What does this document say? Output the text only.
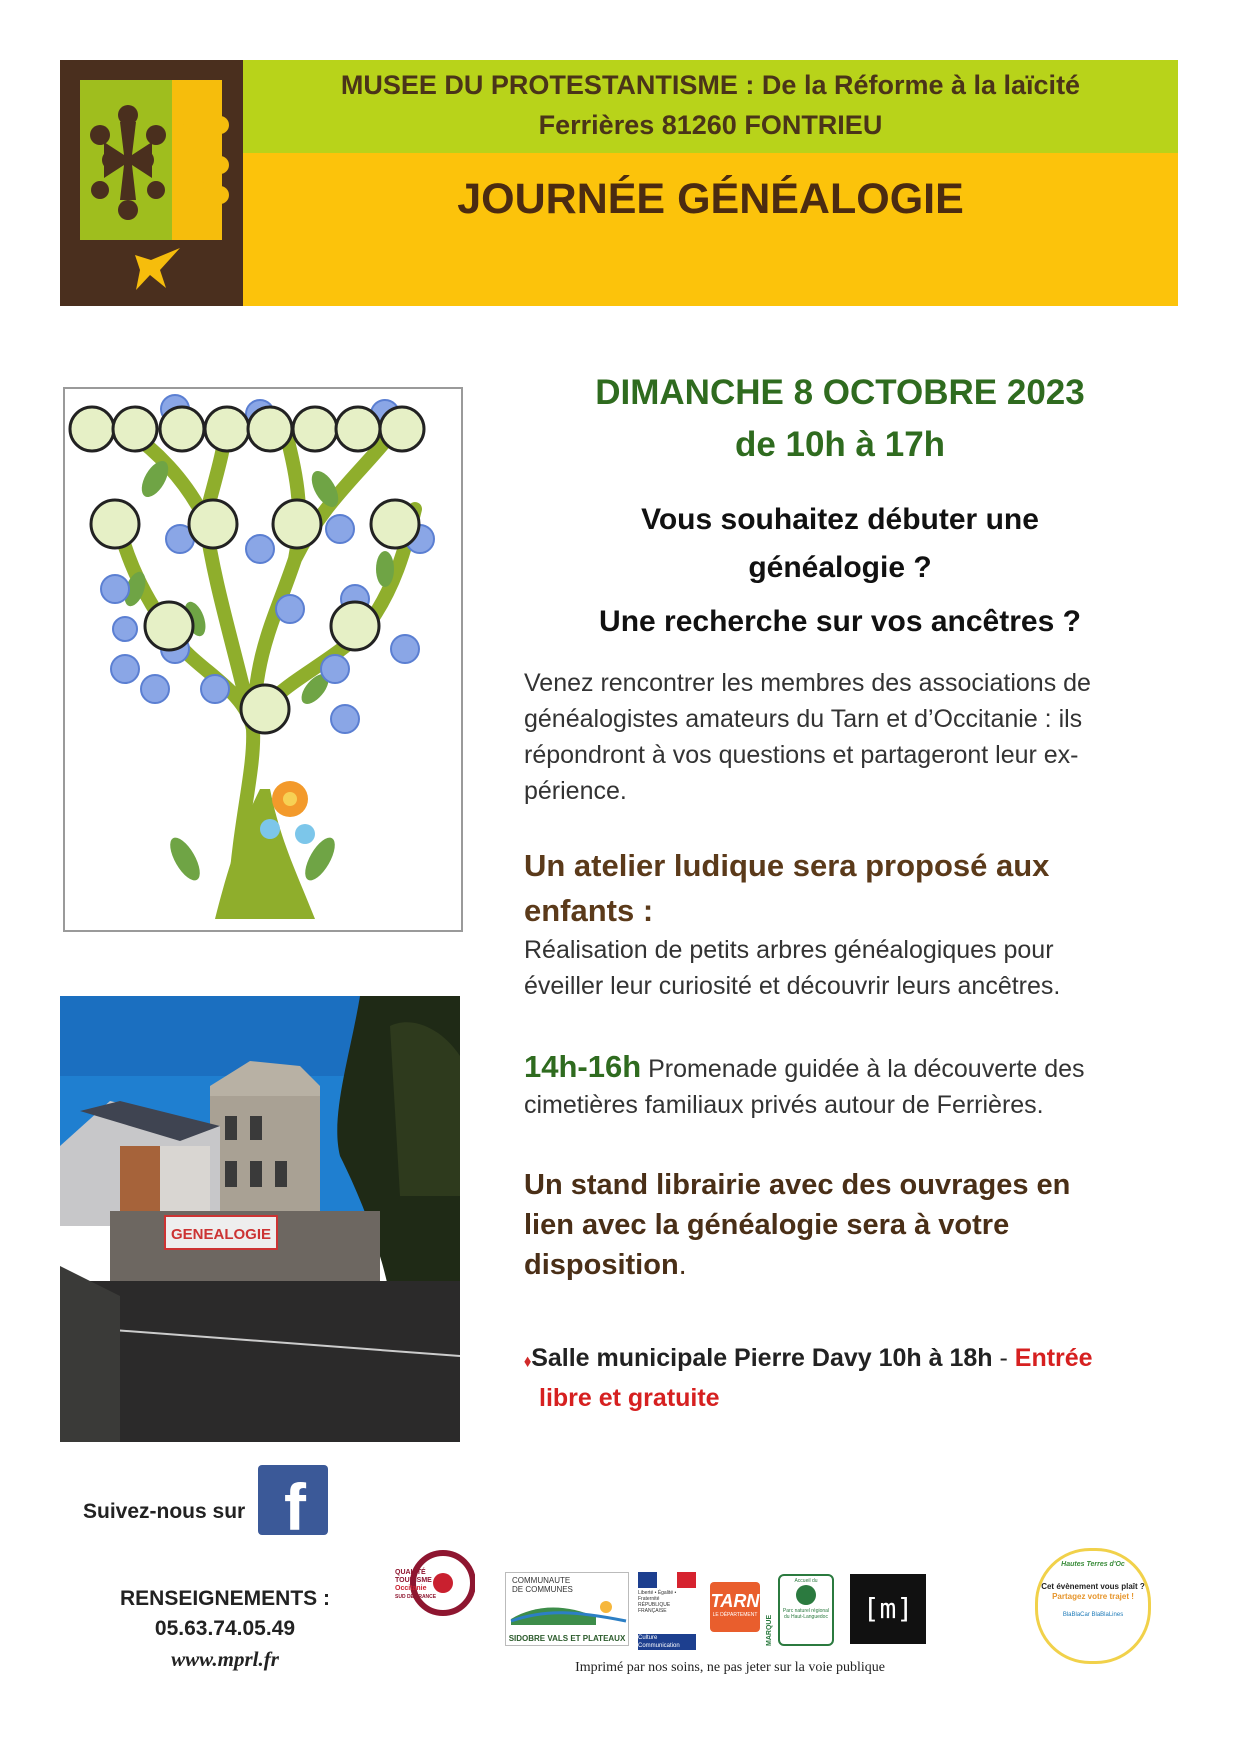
MUSEE DU PROTESTANTISME : De la Réforme à la laïcité
Ferrières 81260 FONTRIEU
JOURNÉE GÉNÉALOGIE
GENEALOGIE
DIMANCHE 8 OCTOBRE 2023
de 10h à 17h
Vous souhaitez débuter une
généalogie ?
Une recherche sur vos ancêtres ?
Venez rencontrer les membres des associations de
généalogistes amateurs du Tarn et d’Occitanie : ils
répondront à vos questions et partageront leur ex-
périence.
Un atelier ludique sera proposé aux
enfants :
Réalisation de petits arbres généalogiques pour
éveiller leur curiosité et découvrir leurs ancêtres.
14h-16h Promenade guidée à la découverte des
cimetières familiaux privés autour de Ferrières.
Un stand librairie avec des ouvrages en
lien avec la généalogie sera à votre
disposition.
⬧Salle municipale Pierre Davy 10h à 18h - Entrée
libre et gratuite
Suivez-nous sur f
RENSEIGNEMENTS :
05.63.74.05.49
www.mprl.fr
QUALITÉ
TOURISME
Occitanie
SUD DE FRANCE
COMMUNAUTE
DE COMMUNES
SIDOBRE VALS ET PLATEAUX
Liberté • Égalité • Fraternité
RÉPUBLIQUE FRANÇAISE
Culture
Communication
TARN
LE DÉPARTEMENT	MARQUE
Accueil du
Parc naturel régional du Haut-Languedoc	[m]
Hautes Terres d'Oc
Cet évènement vous plaît ?
Partagez votre trajet !
BlaBlaCar BlaBlaLines
Imprimé par nos soins, ne pas jeter sur la voie publique
